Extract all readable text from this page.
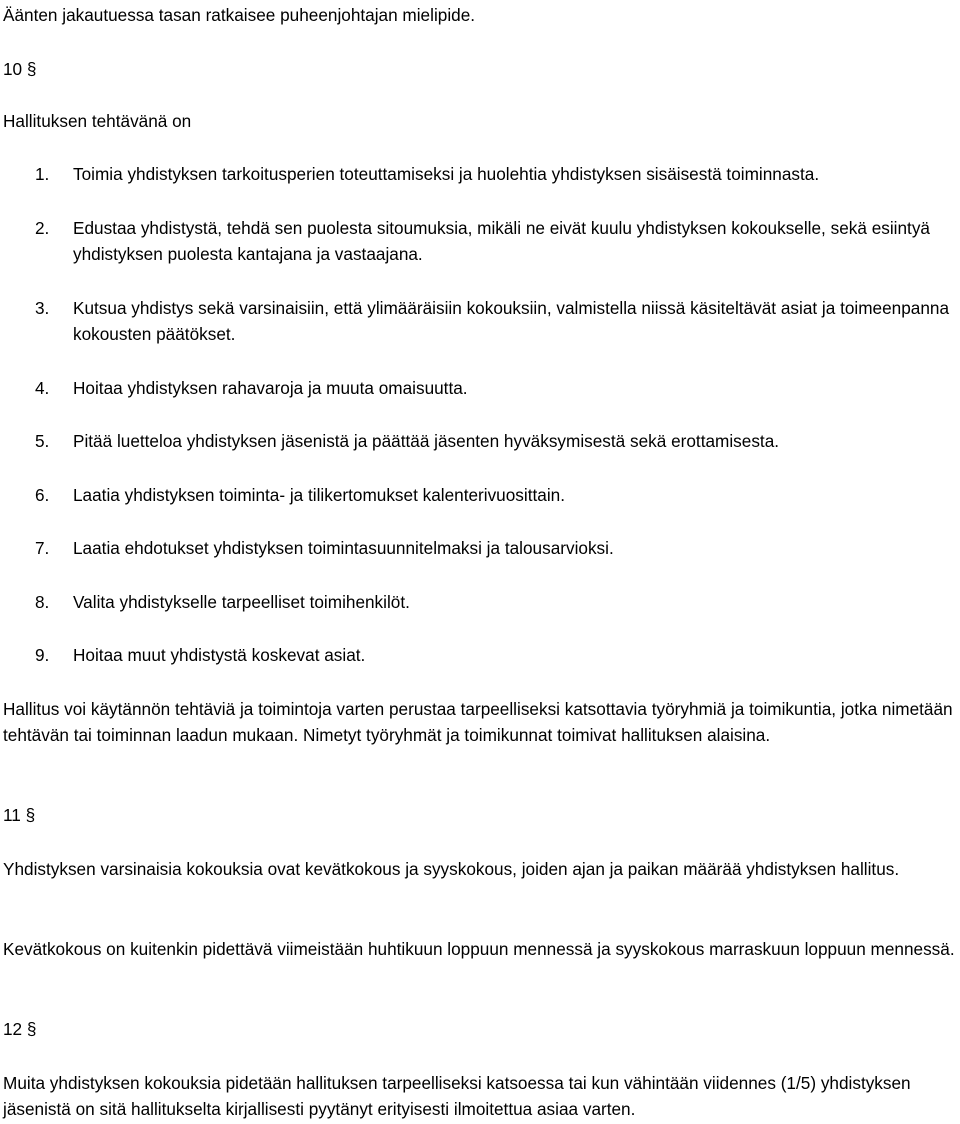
Äänten jakautuessa tasan ratkaisee puheenjohtajan mielipide.
10 §
Hallituksen tehtävänä on
1.	Toimia yhdistyksen tarkoitusperien toteuttamiseksi ja huolehtia yhdistyksen sisäisestä toiminnasta.
2.	Edustaa yhdistystä, tehdä sen puolesta sitoumuksia, mikäli ne eivät kuulu yhdistyksen kokoukselle, sekä esiintyä yhdistyksen puolesta kantajana ja vastaajana.
3.	Kutsua yhdistys sekä varsinaisiin, että ylimääräisiin kokouksiin, valmistella niissä käsiteltävät asiat ja toimeenpanna kokousten päätökset.
4.	Hoitaa yhdistyksen rahavaroja ja muuta omaisuutta.
5.	Pitää luetteloa yhdistyksen jäsenistä ja päättää jäsenten hyväksymisestä sekä erottamisesta.
6.	Laatia yhdistyksen toiminta- ja tilikertomukset kalenterivuosittain.
7.	Laatia ehdotukset yhdistyksen toimintasuunnitelmaksi ja talousarvioksi.
8.	Valita yhdistykselle tarpeelliset toimihenkilöt.
9.	Hoitaa muut yhdistystä koskevat asiat.
Hallitus voi käytännön tehtäviä ja toimintoja varten perustaa tarpeelliseksi katsottavia työryhmiä ja toimikuntia, jotka nimetään tehtävän tai toiminnan laadun mukaan. Nimetyt työryhmät ja toimikunnat toimivat hallituksen alaisina.
11 §
Yhdistyksen varsinaisia kokouksia ovat kevätkokous ja syyskokous, joiden ajan ja paikan määrää yhdistyksen hallitus.
Kevätkokous on kuitenkin pidettävä viimeistään huhtikuun loppuun mennessä ja syyskokous marraskuun loppuun mennessä.
12 §
Muita yhdistyksen kokouksia pidetään hallituksen tarpeelliseksi katsoessa tai kun vähintään viidennes (1/5) yhdistyksen jäsenistä on sitä hallitukselta kirjallisesti pyytänyt erityisesti ilmoitettua asiaa varten.
